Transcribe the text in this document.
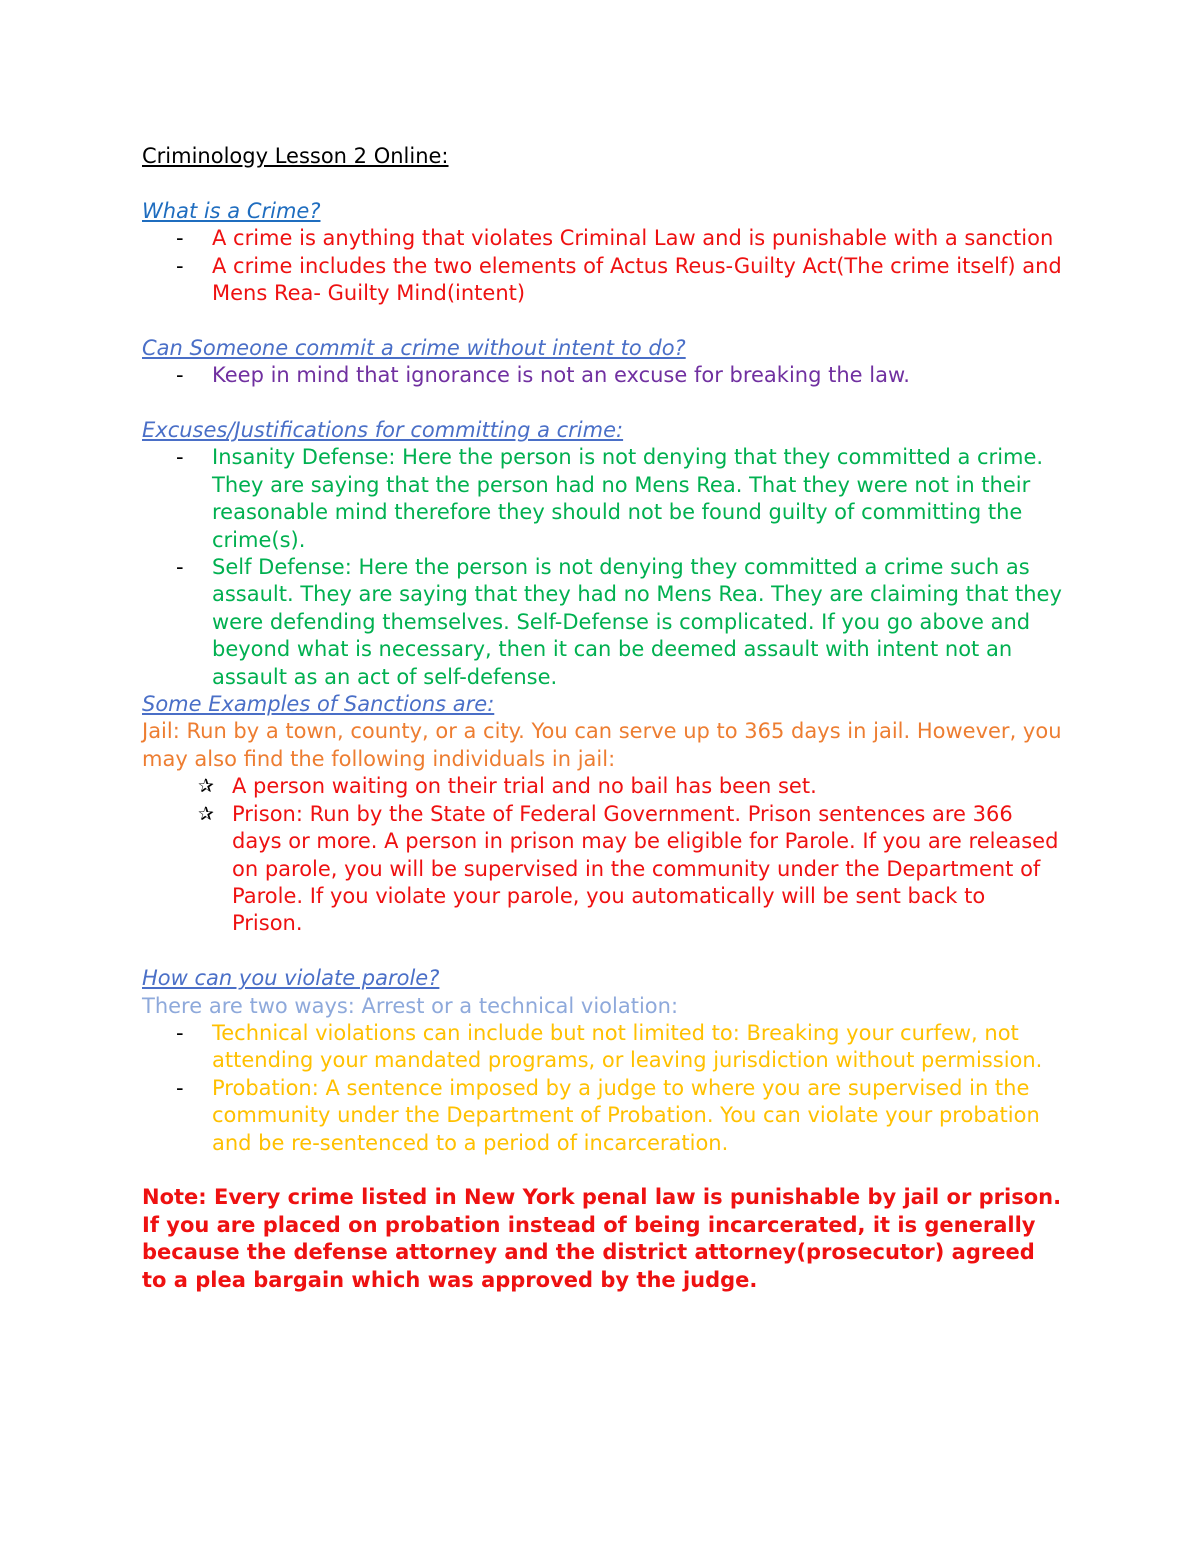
Criminology Lesson 2 Online:

What is a Crime?

- A crime is anything that violates Criminal Law and is punishable with a sanction
- A crime includes the two elements of Actus Reus-Guilty Act(The crime itself) and Mens Rea- Guilty Mind(intent)

Can Someone commit a crime without intent to do?

- Keep in mind that ignorance is not an excuse for breaking the law.

Excuses/Justifications for committing a crime:

- Insanity Defense: Here the person is not denying that they committed a crime. They are saying that the person had no Mens Rea. That they were not in their reasonable mind therefore they should not be found guilty of committing the crime(s).
- Self Defense: Here the person is not denying they committed a crime such as assault. They are saying that they had no Mens Rea. They are claiming that they were defending themselves. Self-Defense is complicated. If you go above and beyond what is necessary, then it can be deemed assault with intent not an assault as an act of self-defense.

Some Examples of Sanctions are:

Jail: Run by a town, county, or a city. You can serve up to 365 days in jail. However, you may also find the following individuals in jail:

✰ A person waiting on their trial and no bail has been set.
✰ Prison: Run by the State of Federal Government. Prison sentences are 366 days or more. A person in prison may be eligible for Parole. If you are released on parole, you will be supervised in the community under the Department of Parole. If you violate your parole, you automatically will be sent back to Prison.

How can you violate parole?

There are two ways: Arrest or a technical violation:

- Technical violations can include but not limited to: Breaking your curfew, not attending your mandated programs, or leaving jurisdiction without permission.
- Probation: A sentence imposed by a judge to where you are supervised in the community under the Department of Probation. You can violate your probation and be re-sentenced to a period of incarceration.

Note: Every crime listed in New York penal law is punishable by jail or prison. If you are placed on probation instead of being incarcerated, it is generally because the defense attorney and the district attorney(prosecutor) agreed to a plea bargain which was approved by the judge.
